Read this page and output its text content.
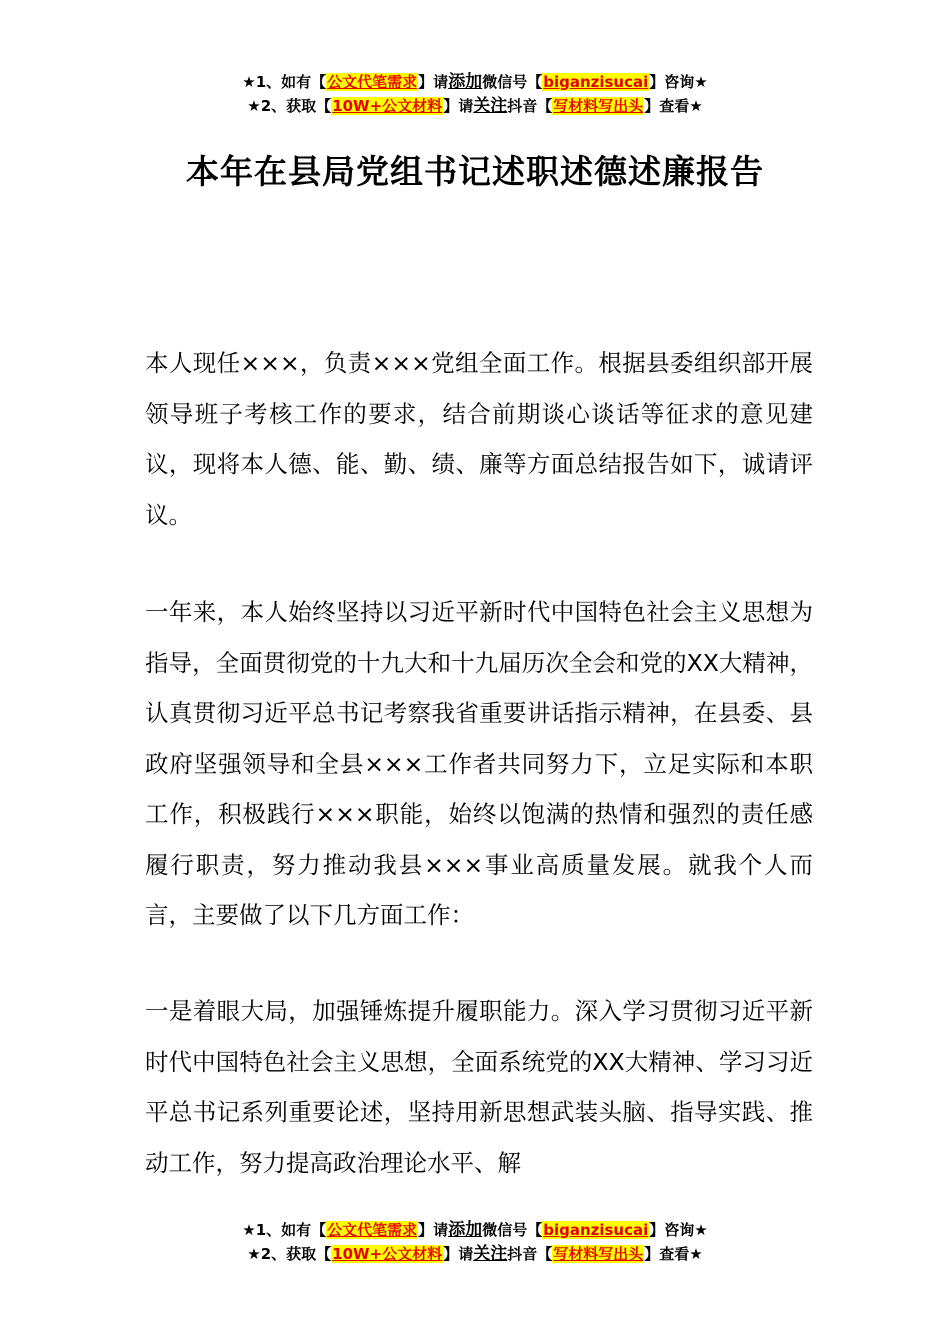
★1、如有【公文代笔需求】请添加微信号【biganzisucai】咨询★
★2、获取【10W+公文材料】请关注抖音【写材料写出头】查看★
本年在县局党组书记述职述德述廉报告

本人现任×××，负责×××党组全面工作。根据县委组织部开展领导班子考核工作的要求，结合前期谈心谈话等征求的意见建议，现将本人德、能、勤、绩、廉等方面总结报告如下，诚请评议。

一年来，本人始终坚持以习近平新时代中国特色社会主义思想为指导，全面贯彻党的十九大和十九届历次全会和党的XX大精神，认真贯彻习近平总书记考察我省重要讲话指示精神，在县委、县政府坚强领导和全县×××工作者共同努力下，立足实际和本职工作，积极践行×××职能，始终以饱满的热情和强烈的责任感履行职责，努力推动我县×××事业高质量发展。就我个人而言，主要做了以下几方面工作：

一是着眼大局，加强锤炼提升履职能力。深入学习贯彻习近平新时代中国特色社会主义思想，全面系统党的XX大精神、学习习近平总书记系列重要论述，坚持用新思想武装头脑、指导实践、推动工作，努力提高政治理论水平、解

★1、如有【公文代笔需求】请添加微信号【biganzisucai】咨询★
★2、获取【10W+公文材料】请关注抖音【写材料写出头】查看★
